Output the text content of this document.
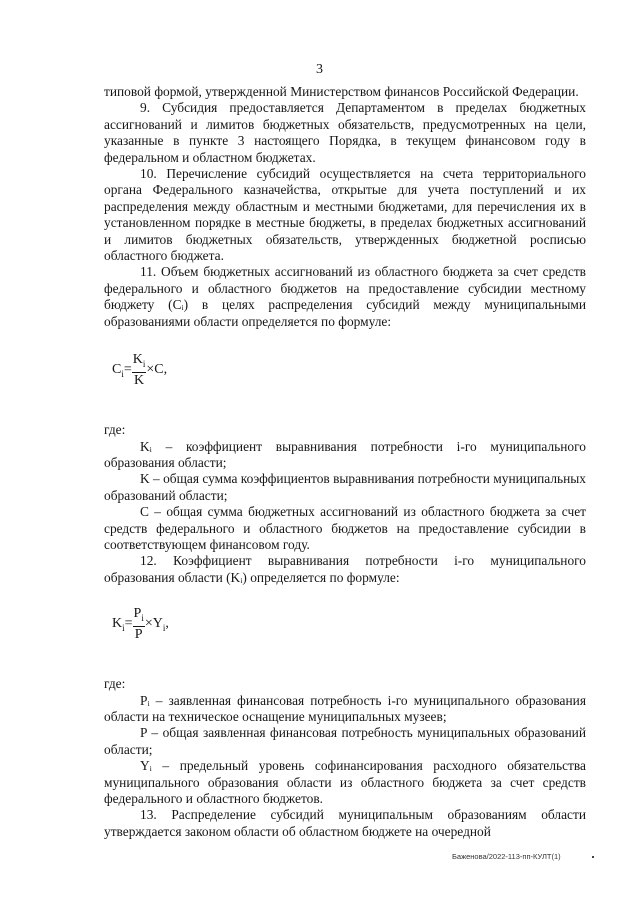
3

типовой формой, утвержденной Министерством финансов Российской Федерации.

9. Субсидия предоставляется Департаментом в пределах бюджетных ассигнований и лимитов бюджетных обязательств, предусмотренных на цели, указанные в пункте 3 настоящего Порядка, в текущем финансовом году в федеральном и областном бюджетах.

10. Перечисление субсидий осуществляется на счета территориального органа Федерального казначейства, открытые для учета поступлений и их распределения между областным и местными бюджетами, для перечисления их в установленном порядке в местные бюджеты, в пределах бюджетных ассигнований и лимитов бюджетных обязательств, утвержденных бюджетной росписью областного бюджета.

11. Объем бюджетных ассигнований из областного бюджета за счет средств федерального и областного бюджетов на предоставление субсидии местному бюджету (Cᵢ) в целях распределения субсидий между муниципальными образованиями области определяется по формуле:

$C_i= \frac{K_i}{K} \times C$,

где:

Kᵢ – коэффициент выравнивания потребности i-го муниципального образования области;

K – общая сумма коэффициентов выравнивания потребности муниципальных образований области;

C – общая сумма бюджетных ассигнований из областного бюджета за счет средств федерального и областного бюджетов на предоставление субсидии в соответствующем финансовом году.

12. Коэффициент выравнивания потребности i-го муниципального образования области (Kᵢ) определяется по формуле:

$K_i= \frac{P_i}{P} \times Y_i$,

где:

Pᵢ – заявленная финансовая потребность i-го муниципального образования области на техническое оснащение муниципальных музеев;

P – общая заявленная финансовая потребность муниципальных образований области;

Yᵢ – предельный уровень софинансирования расходного обязательства муниципального образования области из областного бюджета за счет средств федерального и областного бюджетов.

13. Распределение субсидий муниципальным образованиям области утверждается законом области об областном бюджете на очередной

Баженова/2022-113-пп-КУЛТ(1)
